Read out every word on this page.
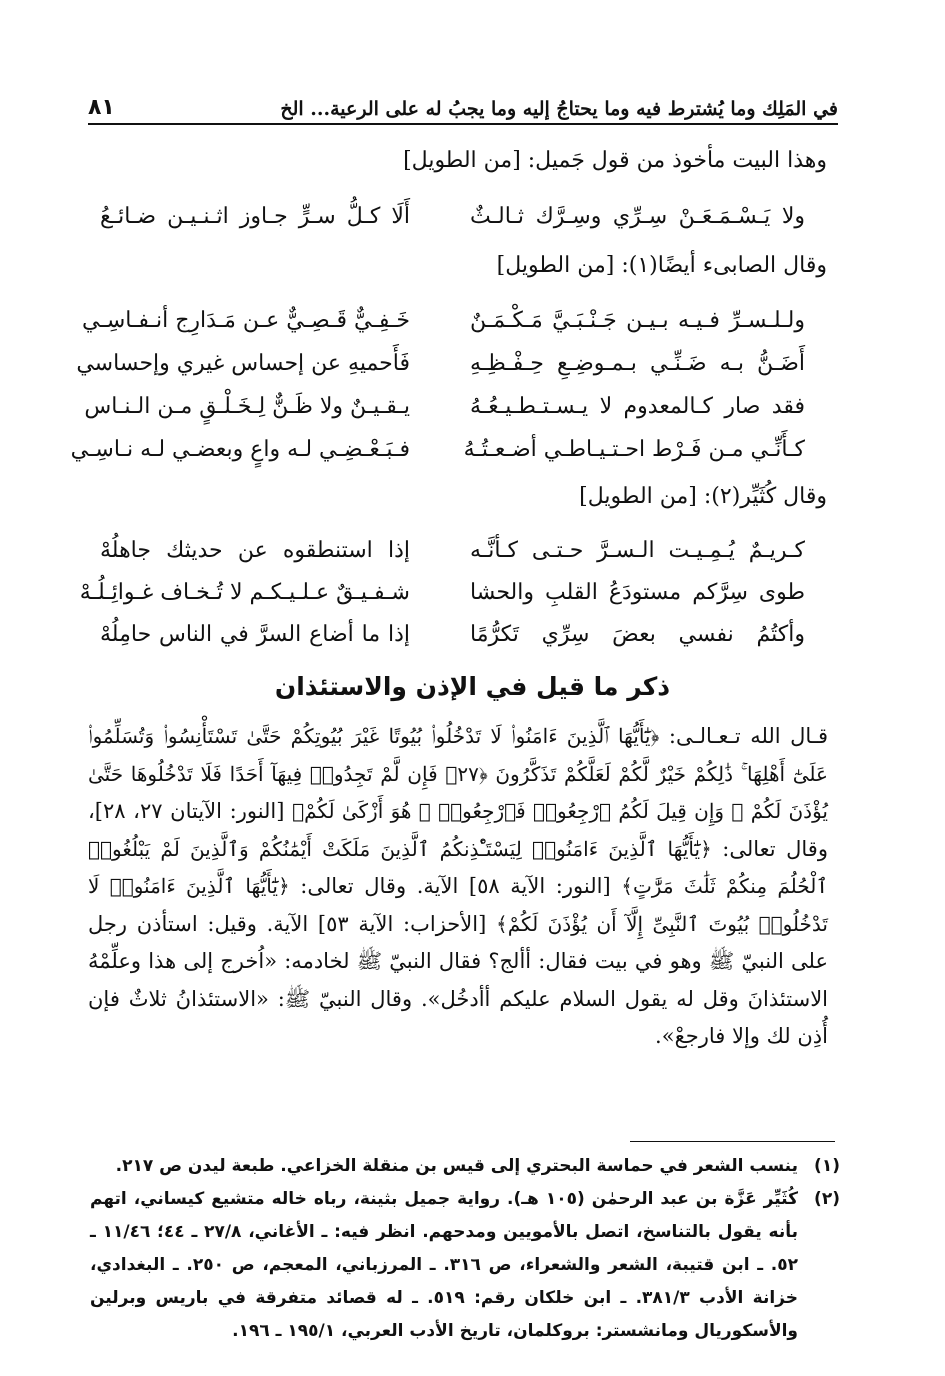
في المَلِك وما يُشترط فيه وما يحتاجُ إليه وما يجبُ له على الرعية... الخ
٨١
وهذا البيت مأخوذ من قول جَميل: [من الطويل]
ولا يَـسْـمَـعَـنْ سِـرِّي وسِـرَّك ثـالـثٌ
أَلَا كـلُّ سـرٍّ جـاوز اثـنـيـن ضـائـعُ
وقال الصابىء أيضًا(١): [من الطويل]
ولـلـسـرِّ فـيـه بـيـن جَـنْـبَـيَّ مَـكْـمَـنٌ
خَـفِـيٌّ قَـصِـيٌّ عـن مَـدَارِج أنـفـاسِـي
أَضَـنُّ بـه ضَـنِّـي بـمـوضِـعِ حِـفْـظِـهِ
فَأَحميهِ عن إحساس غيري وإحساسي
فقد صار كـالمعدوم لا يـسـتـطـيـعُـهُ
يـقـيـنٌ ولا ظَـنٌّ لِـخَـلْـقٍ مـن الـنـاس
كـأَنِّـي مـن فَـرْط احـتـيـاطـي أضـعـتُـهُ
فـبَـعْـضِـي لـه واعٍ وبعضـي لـه نـاسِـي
وقال كُثَيِّر(٢): [من الطويل]
كـريـمٌ يُـمِـيـت الـسـرَّ حـتـى كـأنَّـه
إذا استنطقوه عن حديثك جاهلُهْ
طوى سِرَّكم مستودَعُ القلبِ والحشا
شـفـيـقٌ عـلـيـكـم لا تُـخـاف غـوائِـلُـهْ
وأكتُمُ نفسي بعضَ سِرِّي تَكرُّمًا
إذا ما أضاع السرَّ في الناس حامِلُهْ
ذكر ما قيل في الإذن والاستئذان

قـال الله تـعـالـى: ﴿يَٰٓأَيُّهَا ٱلَّذِينَ ءَامَنُوا۟ لَا تَدْخُلُوا۟ بُيُوتًا غَيْرَ بُيُوتِكُمْ حَتَّىٰ تَسْتَأْنِسُوا۟ وَتُسَلِّمُوا۟ عَلَىٰٓ أَهْلِهَا ۚ ذَٰلِكُمْ خَيْرٌ لَّكُمْ لَعَلَّكُمْ تَذَكَّرُونَ ﴿٢٧﴾ فَإِن لَّمْ تَجِدُوا۟ فِيهَآ أَحَدًا فَلَا تَدْخُلُوهَا حَتَّىٰ يُؤْذَنَ لَكُمْ ۖ وَإِن قِيلَ لَكُمُ ٱرْجِعُوا۟ فَٱرْجِعُوا۟ ۖ هُوَ أَزْكَىٰ لَكُمْ﴾ [النور: الآيتان ٢٧، ٢٨]، وقال تعالى: ﴿يَٰٓأَيُّهَا ٱلَّذِينَ ءَامَنُوا۟ لِيَسْتَـْٔذِنكُمُ ٱلَّذِينَ مَلَكَتْ أَيْمَٰنُكُمْ وَٱلَّذِينَ لَمْ يَبْلُغُوا۟ ٱلْحُلُمَ مِنكُمْ ثَلَٰثَ مَرَّٰتٍ﴾ [النور: الآية ٥٨] الآية. وقال تعالى: ﴿يَٰٓأَيُّهَا ٱلَّذِينَ ءَامَنُوا۟ لَا تَدْخُلُوا۟ بُيُوتَ ٱلنَّبِىِّ إِلَّآ أَن يُؤْذَنَ لَكُمْ﴾ [الأحزاب: الآية ٥٣] الآية. وقيل: استأذن رجل على النبيّ ﷺ وهو في بيت فقال: أألج؟ فقال النبيّ ﷺ لخادمه: «اُخرج إلى هذا وعلِّمْهُ الاستئذانَ وقل له يقول السلام عليكم أأدخُل». وقال النبيّ ﷺ: «الاستئذانُ ثلاثٌ فإن أُذِن لك وإلا فارجعْ».

(١)
ينسب الشعر في حماسة البحتري إلى قيس بن منقلة الخزاعي. طبعة ليدن ص ٢١٧.
(٢)
كُثَيِّر عَزَّة بن عبد الرحمٰن (١٠٥ هـ). رواية جميل بثينة، رباه خاله متشيع كيساني، اتهم بأنه يقول بالتناسخ، اتصل بالأمويين ومدحهم. انظر فيه: ـ الأغاني، ٢٧/٨ ـ ٤٤؛ ١١/٤٦ ـ ٥٢. ـ ابن قتيبة، الشعر والشعراء، ص ٣١٦. ـ المرزباني، المعجم، ص ٢٥٠. ـ البغدادي، خزانة الأدب ٣٨١/٣. ـ ابن خلكان رقم: ٥١٩. ـ له قصائد متفرقة في باريس وبرلين والأسكوريال ومانشستر: بروكلمان، تاريخ الأدب العربي، ١٩٥/١ ـ ١٩٦.
